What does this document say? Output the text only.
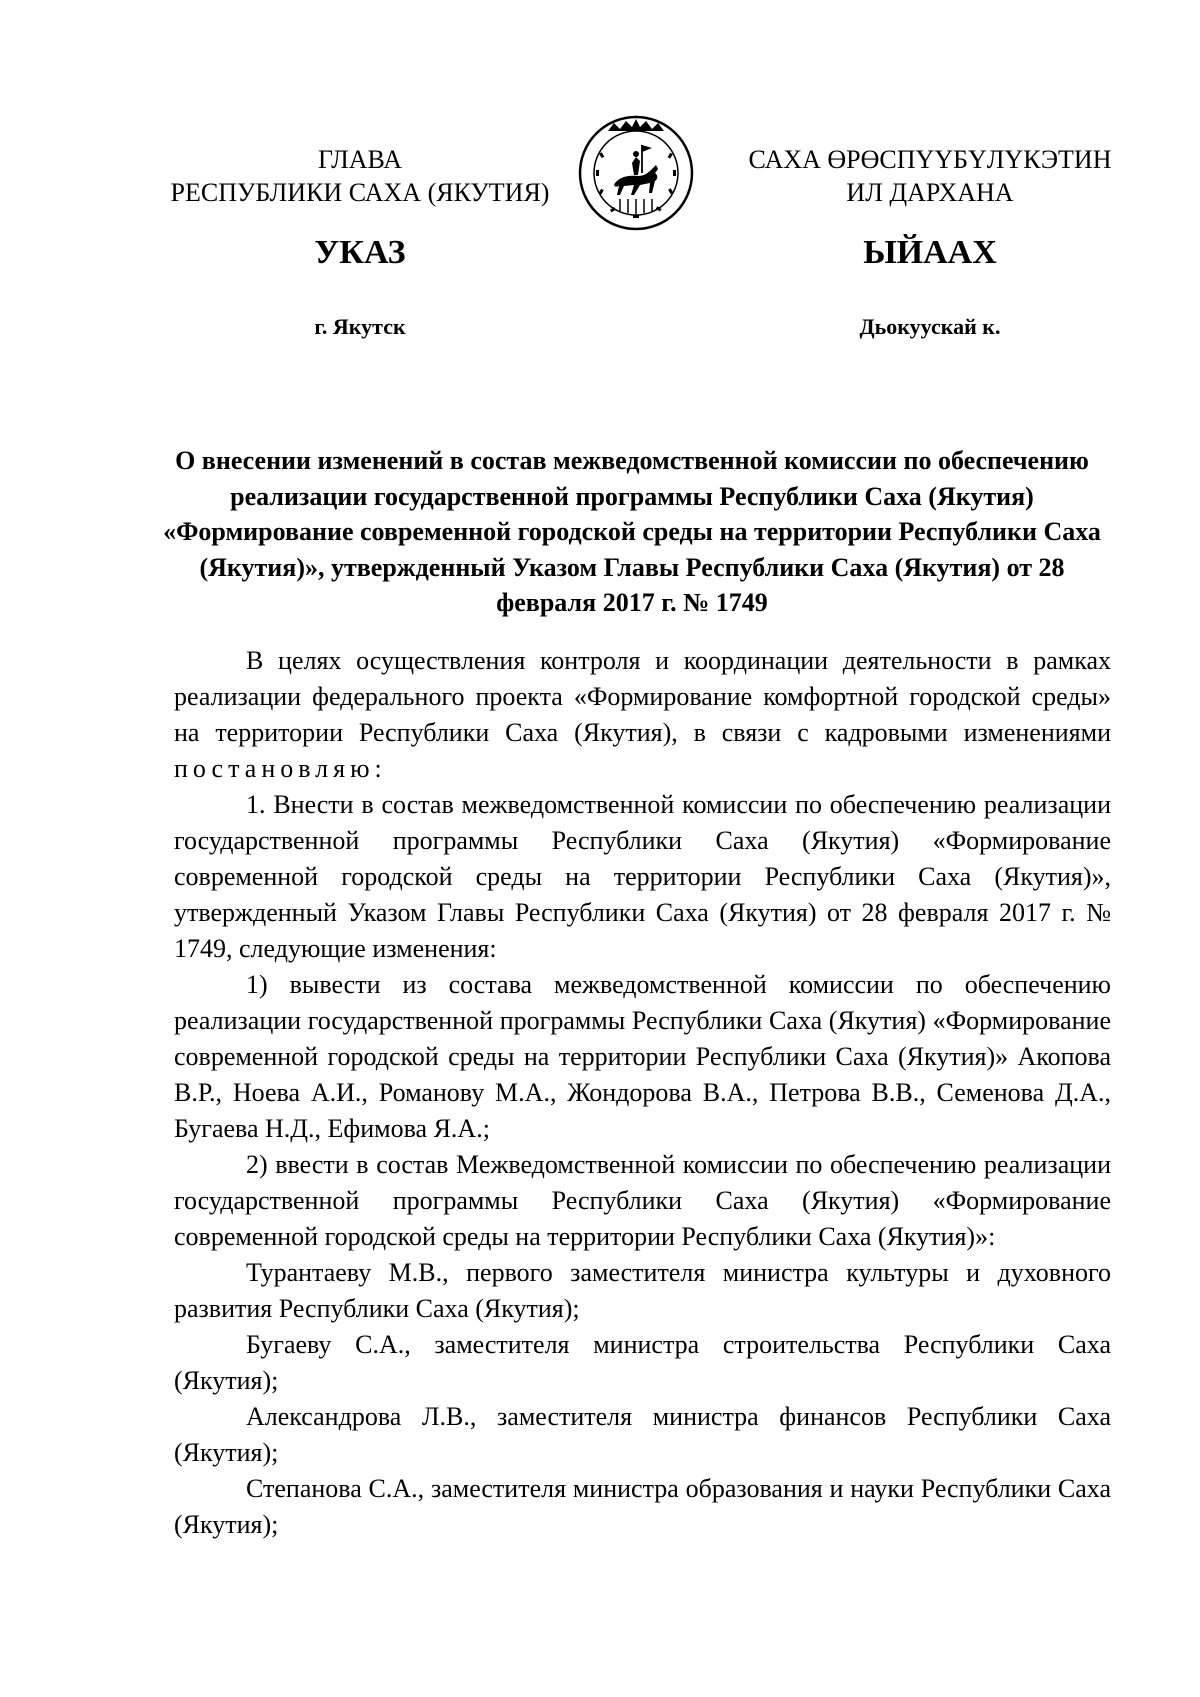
ГЛАВА
РЕСПУБЛИКИ САХА (ЯКУТИЯ)
САХА ӨРӨСПҮҮБҮЛҮКЭТИН
ИЛ ДАРХАНА
УКАЗ	ЫЙААХ
г. Якутск	Дьокуускай к.
О внесении изменений в состав межведомственной комиссии по обеспечению реализации государственной программы Республики Саха (Якутия) «Формирование современной городской среды на территории Республики Саха (Якутия)», утвержденный Указом Главы Республики Саха (Якутия) от 28 февраля 2017 г. № 1749

В целях осуществления контроля и координации деятельности в рамках реализации федерального проекта «Формирование комфортной городской среды» на территории Республики Саха (Якутия), в связи с кадровыми изменениями постановляю:

1. Внести в состав межведомственной комиссии по обеспечению реализации государственной программы Республики Саха (Якутия) «Формирование современной городской среды на территории Республики Саха (Якутия)», утвержденный Указом Главы Республики Саха (Якутия) от 28 февраля 2017 г. № 1749, следующие изменения:

1) вывести из состава межведомственной комиссии по обеспечению реализации государственной программы Республики Саха (Якутия) «Формирование современной городской среды на территории Республики Саха (Якутия)» Акопова В.Р., Ноева А.И., Романову М.А., Жондорова В.А., Петрова В.В., Семенова Д.А., Бугаева Н.Д., Ефимова Я.А.;

2) ввести в состав Межведомственной комиссии по обеспечению реализации государственной программы Республики Саха (Якутия) «Формирование современной городской среды на территории Республики Саха (Якутия)»:

Турантаеву М.В., первого заместителя министра культуры и духовного развития Республики Саха (Якутия);

Бугаеву С.А., заместителя министра строительства Республики Саха (Якутия);

Александрова Л.В., заместителя министра финансов Республики Саха (Якутия);

Степанова С.А., заместителя министра образования и науки Республики Саха (Якутия);
